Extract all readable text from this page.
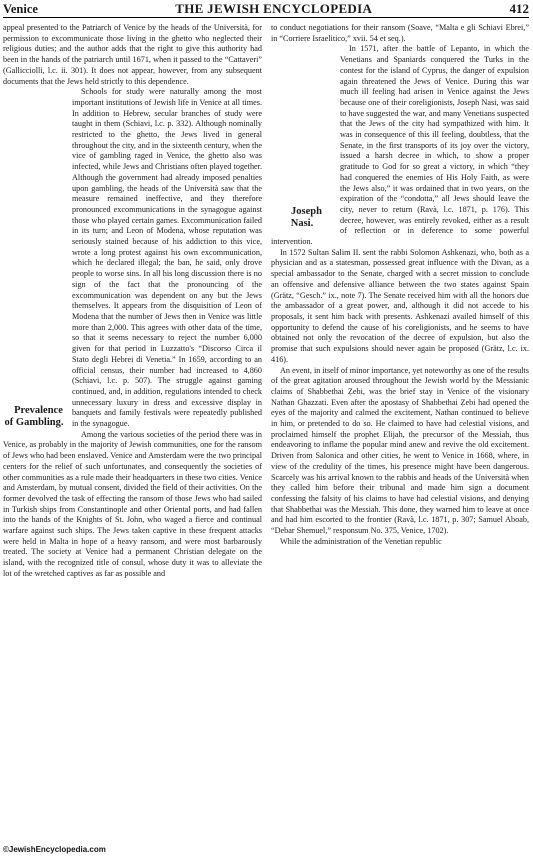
Venice	THE JEWISH ENCYCLOPEDIA	412

appeal presented to the Patriarch of Venice by the heads of the Università, for permission to excommunicate those living in the ghetto who neglected their religious duties; and the author adds that the right to give this authority had been in the hands of the patriarch until 1671, when it passed to the “Cattaveri” (Gallicciolli, l.c. ii. 301). It does not appear, however, from any subsequent documents that the Jews held strictly to this dependence.

Prevalence of Gambling.
Schools for study were naturally among the most important institutions of Jewish life in Venice at all times. In addition to Hebrew, secular branches of study were taught in them (Schiavi, l.c. p. 332). Although nominally restricted to the ghetto, the Jews lived in general throughout the city, and in the sixteenth century, when the vice of gambling raged in Venice, the ghetto also was infected, while Jews and Christians often played together. Although the government had already imposed penalties upon gambling, the heads of the Università saw that the measure remained ineffective, and they therefore pronounced excommunications in the synagogue against those who played certain games. Excommunication failed in its turn; and Leon of Modena, whose reputation was seriously stained because of his addiction to this vice, wrote a long protest against his own excommunication, which he declared illegal; the ban, he said, only drove people to worse sins. In all his long discussion there is no sign of the fact that the pronouncing of the excommunication was dependent on any but the Jews themselves. It appears from the disquisition of Leon of Modena that the number of Jews then in Venice was little more than 2,000. This agrees with other data of the time, so that it seems necessary to reject the number 6,000 given for that period in Luzzatto's “Discorso Circa il Stato degli Hebrei di Venetia.” In 1659, according to an official census, their number had increased to 4,860 (Schiavi, l.c. p. 507). The struggle against gaming continued, and, in addition, regulations intended to check unnecessary luxury in dress and excessive display in banquets and family festivals were repeatedly published in the synagogue.

Among the various societies of the period there was in Venice, as probably in the majority of Jewish communities, one for the ransom of Jews who had been enslaved. Venice and Amsterdam were the two principal centers for the relief of such unfortunates, and consequently the societies of other communities as a rule made their headquarters in these two cities. Venice and Amsterdam, by mutual consent, divided the field of their activities. On the former devolved the task of effecting the ransom of those Jews who had sailed in Turkish ships from Constantinople and other Oriental ports, and had fallen into the hands of the Knights of St. John, who waged a fierce and continual warfare against such ships. The Jews taken captive in these frequent attacks were held in Malta in hope of a heavy ransom, and were most barbarously treated. The society at Venice had a permanent Christian delegate on the island, with the recognized title of consul, whose duty it was to alleviate the lot of the wretched captives as far as possible and

to conduct negotiations for their ransom (Soave, “Malta e gli Schiavi Ebrei,” in “Corriere Israelitico,” xvii. 54 et seq.).

Joseph Nasi.
In 1571, after the battle of Lepanto, in which the Venetians and Spaniards conquered the Turks in the contest for the island of Cyprus, the danger of expulsion again threatened the Jews of Venice. During this war much ill feeling had arisen in Venice against the Jews because one of their coreligionists, Joseph Nasi, was said to have suggested the war, and many Venetians suspected that the Jews of the city had sympathized with him. It was in consequence of this ill feeling, doubtless, that the Senate, in the first transports of its joy over the victory, issued a harsh decree in which, to show a proper gratitude to God for so great a victory, in which “they had conquered the enemies of His Holy Faith, as were the Jews also,” it was ordained that in two years, on the expiration of the “condotta,” all Jews should leave the city, never to return (Ravà, l.c. 1871, p. 176). This decree, however, was entirely revoked, either as a result of reflection or in deference to some powerful intervention.

In 1572 Sultan Salim II. sent the rabbi Solomon Ashkenazi, who, both as a physician and as a statesman, possessed great influence with the Divan, as a special ambassador to the Senate, charged with a secret mission to conclude an offensive and defensive alliance between the two states against Spain (Grätz, “Gesch.” ix., note 7). The Senate received him with all the honors due the ambassador of a great power, and, although it did not accede to his proposals, it sent him back with presents. Ashkenazi availed himself of this opportunity to defend the cause of his coreligionists, and he seems to have obtained not only the revocation of the decree of expulsion, but also the promise that such expulsions should never again be proposed (Grätz, l.c. ix. 416).

An event, in itself of minor importance, yet noteworthy as one of the results of the great agitation aroused throughout the Jewish world by the Messianic claims of Shabbethai Ẓebi, was the brief stay in Venice of the visionary Nathan Ghazzati. Even after the apostasy of Shabbethai Ẓebi had opened the eyes of the majority and calmed the excitement, Nathan continued to believe in him, or pretended to do so. He claimed to have had celestial visions, and proclaimed himself the prophet Elijah, the precursor of the Messiah, thus endeavoring to inflame the popular mind anew and revive the old excitement. Driven from Salonica and other cities, he went to Venice in 1668, where, in view of the credulity of the times, his presence might have been dangerous. Scarcely was his arrival known to the rabbis and heads of the Università when they called him before their tribunal and made him sign a document confessing the falsity of his claims to have had celestial visions, and denying that Shabbethai was the Messiah. This done, they warned him to leave at once and had him escorted to the frontier (Ravà, l.c. 1871, p. 307; Samuel Aboab, “Debar Shemuel,” responsum No. 375, Venice, 1702).

While the administration of the Venetian republic

©JewishEncyclopedia.com
